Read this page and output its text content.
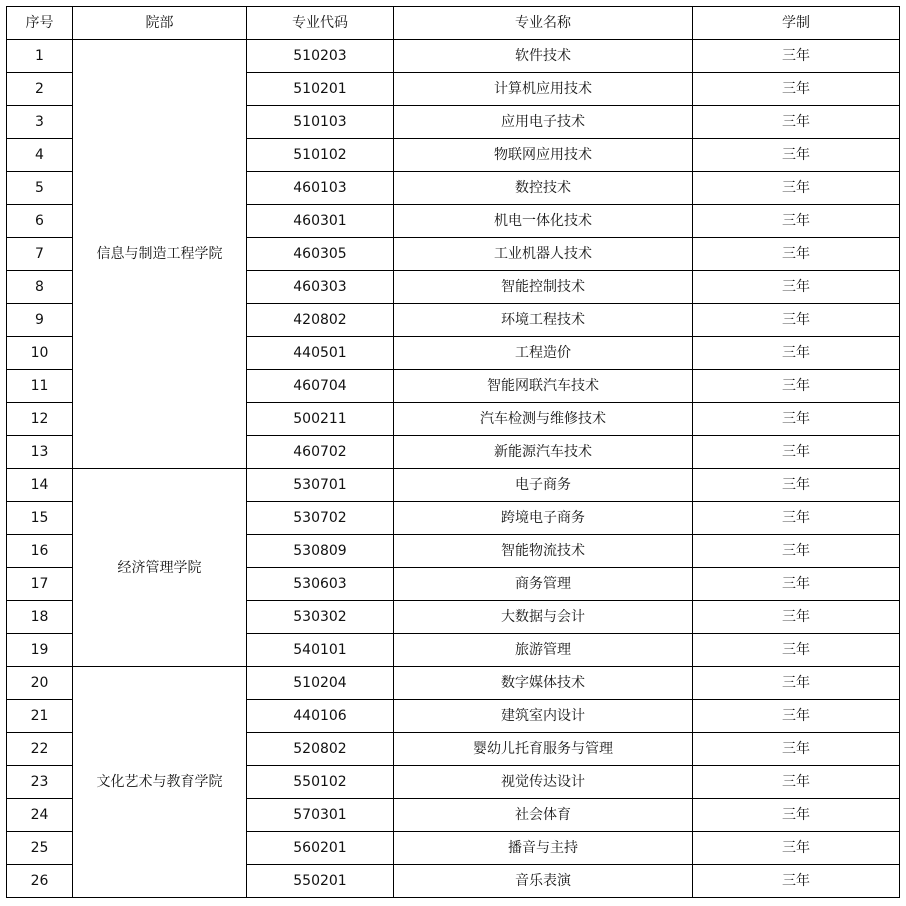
序号	院部	专业代码	专业名称	学制
1	信息与制造工程学院	510203	软件技术	三年
2		510201	计算机应用技术	三年
3		510103	应用电子技术	三年
4		510102	物联网应用技术	三年
5		460103	数控技术	三年
6		460301	机电一体化技术	三年
7		460305	工业机器人技术	三年
8		460303	智能控制技术	三年
9		420802	环境工程技术	三年
10		440501	工程造价	三年
11		460704	智能网联汽车技术	三年
12		500211	汽车检测与维修技术	三年
13		460702	新能源汽车技术	三年
14	经济管理学院	530701	电子商务	三年
15		530702	跨境电子商务	三年
16		530809	智能物流技术	三年
17		530603	商务管理	三年
18		530302	大数据与会计	三年
19		540101	旅游管理	三年
20	文化艺术与教育学院	510204	数字媒体技术	三年
21		440106	建筑室内设计	三年
22		520802	婴幼儿托育服务与管理	三年
23		550102	视觉传达设计	三年
24		570301	社会体育	三年
25		560201	播音与主持	三年
26		550201	音乐表演	三年
